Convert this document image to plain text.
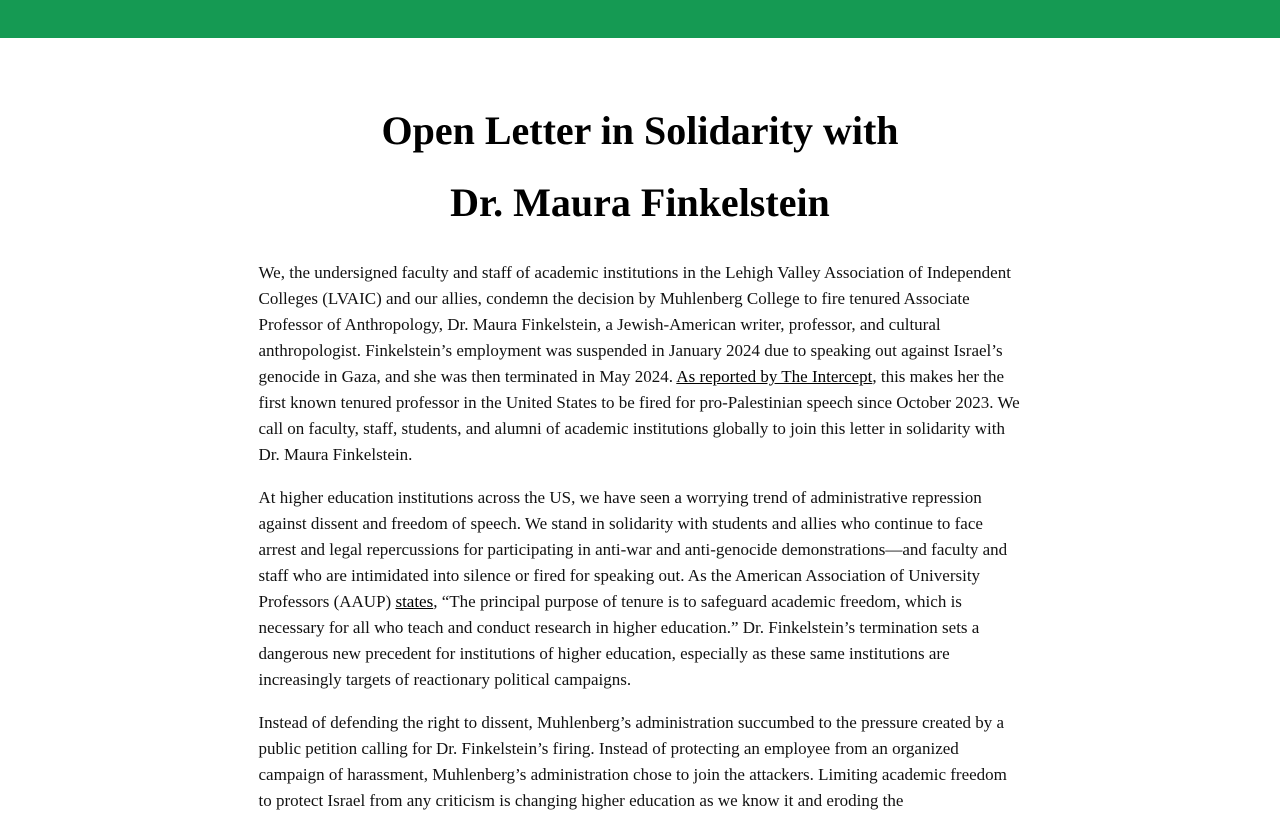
Open Letter in Solidarity with
Dr. Maura Finkelstein

We, the undersigned faculty and staff of academic institutions in the Lehigh Valley Association of Independent Colleges (LVAIC) and our allies, condemn the decision by Muhlenberg College to fire tenured Associate Professor of Anthropology, Dr. Maura Finkelstein, a Jewish-American writer, professor, and cultural anthropologist. Finkelstein’s employment was suspended in January 2024 due to speaking out against Israel’s genocide in Gaza, and she was then terminated in May 2024. As reported by The Intercept, this makes her the first known tenured professor in the United States to be fired for pro-Palestinian speech since October 2023. We call on faculty, staff, students, and alumni of academic institutions globally to join this letter in solidarity with Dr. Maura Finkelstein.

At higher education institutions across the US, we have seen a worrying trend of administrative repression against dissent and freedom of speech. We stand in solidarity with students and allies who continue to face arrest and legal repercussions for participating in anti-war and anti-genocide demonstrations—and faculty and staff who are intimidated into silence or fired for speaking out. As the American Association of University Professors (AAUP) states, “The principal purpose of tenure is to safeguard academic freedom, which is necessary for all who teach and conduct research in higher education.” Dr. Finkelstein’s termination sets a dangerous new precedent for institutions of higher education, especially as these same institutions are increasingly targets of reactionary political campaigns.

Instead of defending the right to dissent, Muhlenberg’s administration succumbed to the pressure created by a public petition calling for Dr. Finkelstein’s firing. Instead of protecting an employee from an organized campaign of harassment, Muhlenberg’s administration chose to join the attackers. Limiting academic freedom to protect Israel from any criticism is changing higher education as we know it and eroding the
